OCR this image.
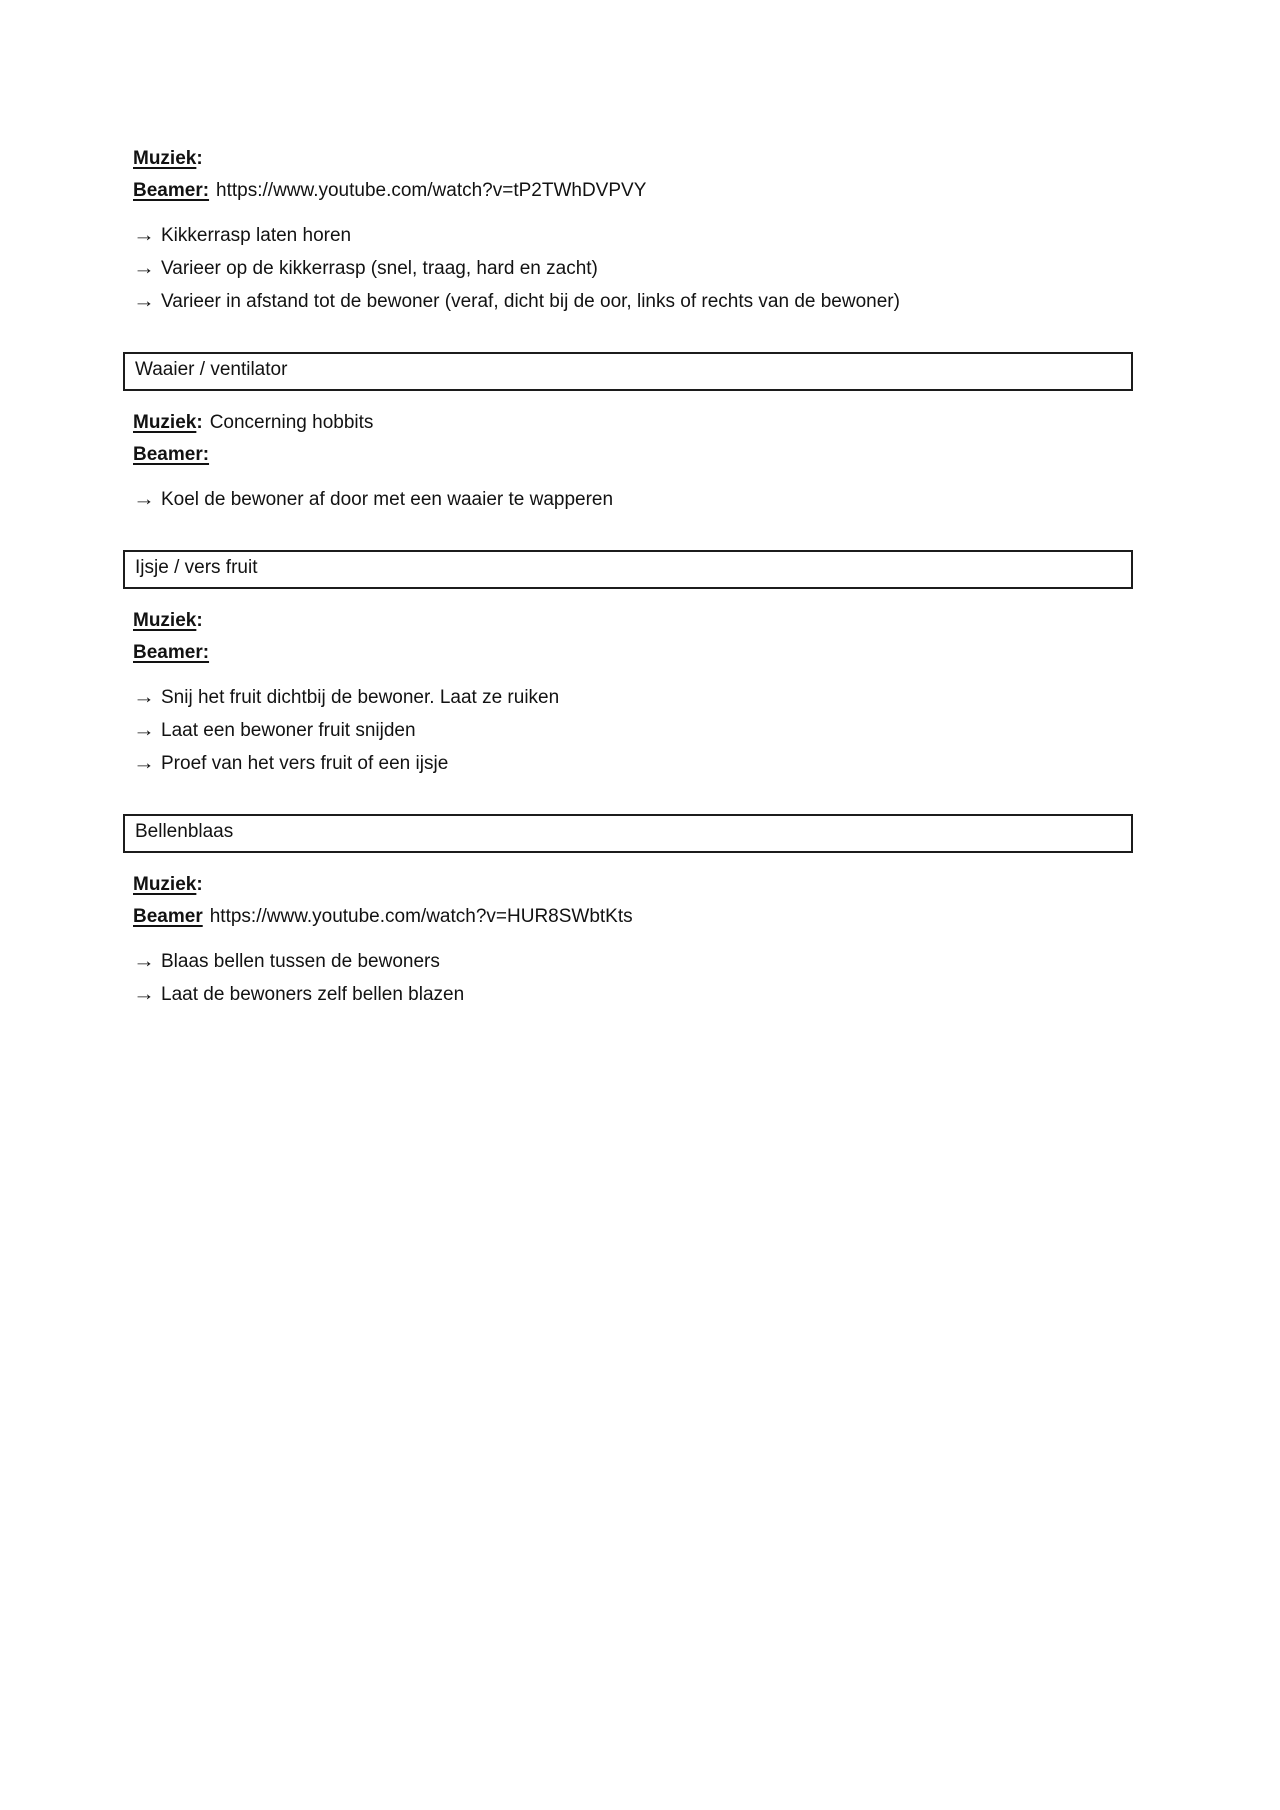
Muziek:

Beamer: https://www.youtube.com/watch?v=tP2TWhDVPVY

→ Kikkerrasp laten horen
→ Varieer op de kikkerrasp (snel, traag, hard en zacht)
→ Varieer in afstand tot de bewoner (veraf, dicht bij de oor, links of rechts van de bewoner)
Waaier / ventilator

Muziek: Concerning hobbits

Beamer:

→ Koel de bewoner af door met een waaier te wapperen
Ijsje / vers fruit

Muziek:

Beamer:

→ Snij het fruit dichtbij de bewoner. Laat ze ruiken
→ Laat een bewoner fruit snijden
→ Proef van het vers fruit of een ijsje
Bellenblaas

Muziek:

Beamer https://www.youtube.com/watch?v=HUR8SWbtKts

→ Blaas bellen tussen de bewoners
→ Laat de bewoners zelf bellen blazen
